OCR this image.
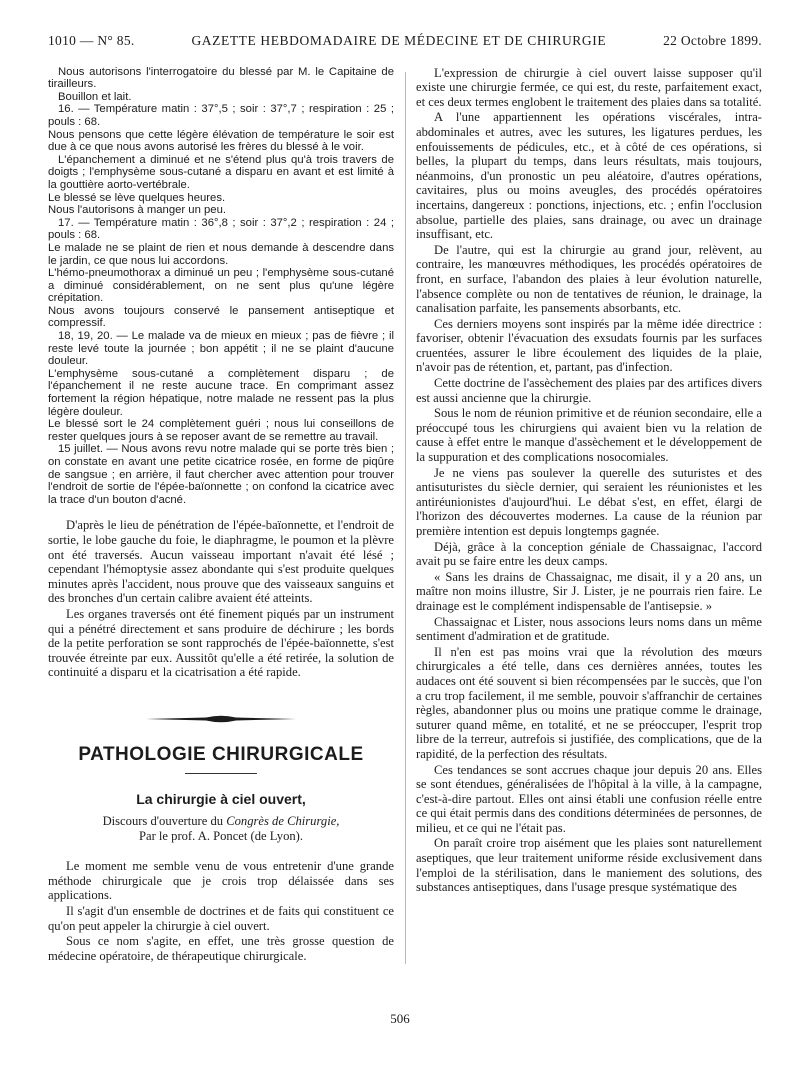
1010 — N° 85.	GAZETTE HEBDOMADAIRE DE MÉDECINE ET DE CHIRURGIE	22 Octobre 1899.

Nous autorisons l'interrogatoire du blessé par M. le Capitaine de tirailleurs.

Bouillon et lait.

16. — Température matin : 37°,5 ; soir : 37°,7 ; respiration : 25 ; pouls : 68.

Nous pensons que cette légère élévation de température le soir est due à ce que nous avons autorisé les frères du blessé à le voir.

L'épanchement a diminué et ne s'étend plus qu'à trois travers de doigts ; l'emphysème sous-cutané a disparu en avant et est limité à la gouttière aorto-vertébrale.

Le blessé se lève quelques heures.

Nous l'autorisons à manger un peu.

17. — Température matin : 36°,8 ; soir : 37°,2 ; respiration : 24 ; pouls : 68.

Le malade ne se plaint de rien et nous demande à descendre dans le jardin, ce que nous lui accordons.

L'hémo-pneumothorax a diminué un peu ; l'emphysème sous-cutané a diminué considérablement, on ne sent plus qu'une légère crépitation.

Nous avons toujours conservé le pansement antiseptique et compressif.

18, 19, 20. — Le malade va de mieux en mieux ; pas de fièvre ; il reste levé toute la journée ; bon appétit ; il ne se plaint d'aucune douleur.

L'emphysème sous-cutané a complètement disparu ; de l'épanchement il ne reste aucune trace. En comprimant assez fortement la région hépatique, notre malade ne ressent pas la plus légère douleur.

Le blessé sort le 24 complètement guéri ; nous lui conseillons de rester quelques jours à se reposer avant de se remettre au travail.

15 juillet. — Nous avons revu notre malade qui se porte très bien ; on constate en avant une petite cicatrice rosée, en forme de piqûre de sangsue ; en arrière, il faut chercher avec attention pour trouver l'endroit de sortie de l'épée-baïonnette ; on confond la cicatrice avec la trace d'un bouton d'acné.

D'après le lieu de pénétration de l'épée-baïonnette, et l'endroit de sortie, le lobe gauche du foie, le diaphragme, le poumon et la plèvre ont été traversés. Aucun vaisseau important n'avait été lésé ; cependant l'hémoptysie assez abondante qui s'est produite quelques minutes après l'accident, nous prouve que des vaisseaux sanguins et des bronches d'un certain calibre avaient été atteints.

Les organes traversés ont été finement piqués par un instrument qui a pénétré directement et sans produire de déchirure ; les bords de la petite perforation se sont rapprochés de l'épée-baïonnette, s'est trouvée étreinte par eux. Aussitôt qu'elle a été retirée, la solution de continuité a disparu et la cicatrisation a été rapide.

PATHOLOGIE CHIRURGICALE
La chirurgie à ciel ouvert,
Discours d'ouverture du Congrès de Chirurgie,
Par le prof. A. Poncet (de Lyon).

Le moment me semble venu de vous entretenir d'une grande méthode chirurgicale que je crois trop délaissée dans ses applications.

Il s'agit d'un ensemble de doctrines et de faits qui constituent ce qu'on peut appeler la chirurgie à ciel ouvert.

Sous ce nom s'agite, en effet, une très grosse question de médecine opératoire, de thérapeutique chirurgicale.

L'expression de chirurgie à ciel ouvert laisse supposer qu'il existe une chirurgie fermée, ce qui est, du reste, parfaitement exact, et ces deux termes englobent le traitement des plaies dans sa totalité.

A l'une appartiennent les opérations viscérales, intra-abdominales et autres, avec les sutures, les ligatures perdues, les enfouissements de pédicules, etc., et à côté de ces opérations, si belles, la plupart du temps, dans leurs résultats, mais toujours, néanmoins, d'un pronostic un peu aléatoire, d'autres opérations, cavitaires, plus ou moins aveugles, des procédés opératoires incertains, dangereux : ponctions, injections, etc. ; enfin l'occlusion absolue, partielle des plaies, sans drainage, ou avec un drainage insuffisant, etc.

De l'autre, qui est la chirurgie au grand jour, relèvent, au contraire, les manœuvres méthodiques, les procédés opératoires de front, en surface, l'abandon des plaies à leur évolution naturelle, l'absence complète ou non de tentatives de réunion, le drainage, la canalisation parfaite, les pansements absorbants, etc.

Ces derniers moyens sont inspirés par la même idée directrice : favoriser, obtenir l'évacuation des exsudats fournis par les surfaces cruentées, assurer le libre écoulement des liquides de la plaie, n'avoir pas de rétention, et, partant, pas d'infection.

Cette doctrine de l'assèchement des plaies par des artifices divers est aussi ancienne que la chirurgie.

Sous le nom de réunion primitive et de réunion secondaire, elle a préoccupé tous les chirurgiens qui avaient bien vu la relation de cause à effet entre le manque d'assèchement et le développement de la suppuration et des complications nosocomiales.

Je ne viens pas soulever la querelle des suturistes et des antisuturistes du siècle dernier, qui seraient les réunionistes et les antiréunionistes d'aujourd'hui. Le débat s'est, en effet, élargi de l'horizon des découvertes modernes. La cause de la réunion par première intention est depuis longtemps gagnée.

Déjà, grâce à la conception géniale de Chassaignac, l'accord avait pu se faire entre les deux camps.

« Sans les drains de Chassaignac, me disait, il y a 20 ans, un maître non moins illustre, Sir J. Lister, je ne pourrais rien faire. Le drainage est le complément indispensable de l'antisepsie. »

Chassaignac et Lister, nous associons leurs noms dans un même sentiment d'admiration et de gratitude.

Il n'en est pas moins vrai que la révolution des mœurs chirurgicales a été telle, dans ces dernières années, toutes les audaces ont été souvent si bien récompensées par le succès, que l'on a cru trop facilement, il me semble, pouvoir s'affranchir de certaines règles, abandonner plus ou moins une pratique comme le drainage, suturer quand même, en totalité, et ne se préoccuper, l'esprit trop libre de la terreur, autrefois si justifiée, des complications, que de la rapidité, de la perfection des résultats.

Ces tendances se sont accrues chaque jour depuis 20 ans. Elles se sont étendues, généralisées de l'hôpital à la ville, à la campagne, c'est-à-dire partout. Elles ont ainsi établi une confusion réelle entre ce qui était permis dans des conditions déterminées de personnes, de milieu, et ce qui ne l'était pas.

On paraît croire trop aisément que les plaies sont naturellement aseptiques, que leur traitement uniforme réside exclusivement dans l'emploi de la stérilisation, dans le maniement des solutions, des substances antiseptiques, dans l'usage presque systématique des

506
